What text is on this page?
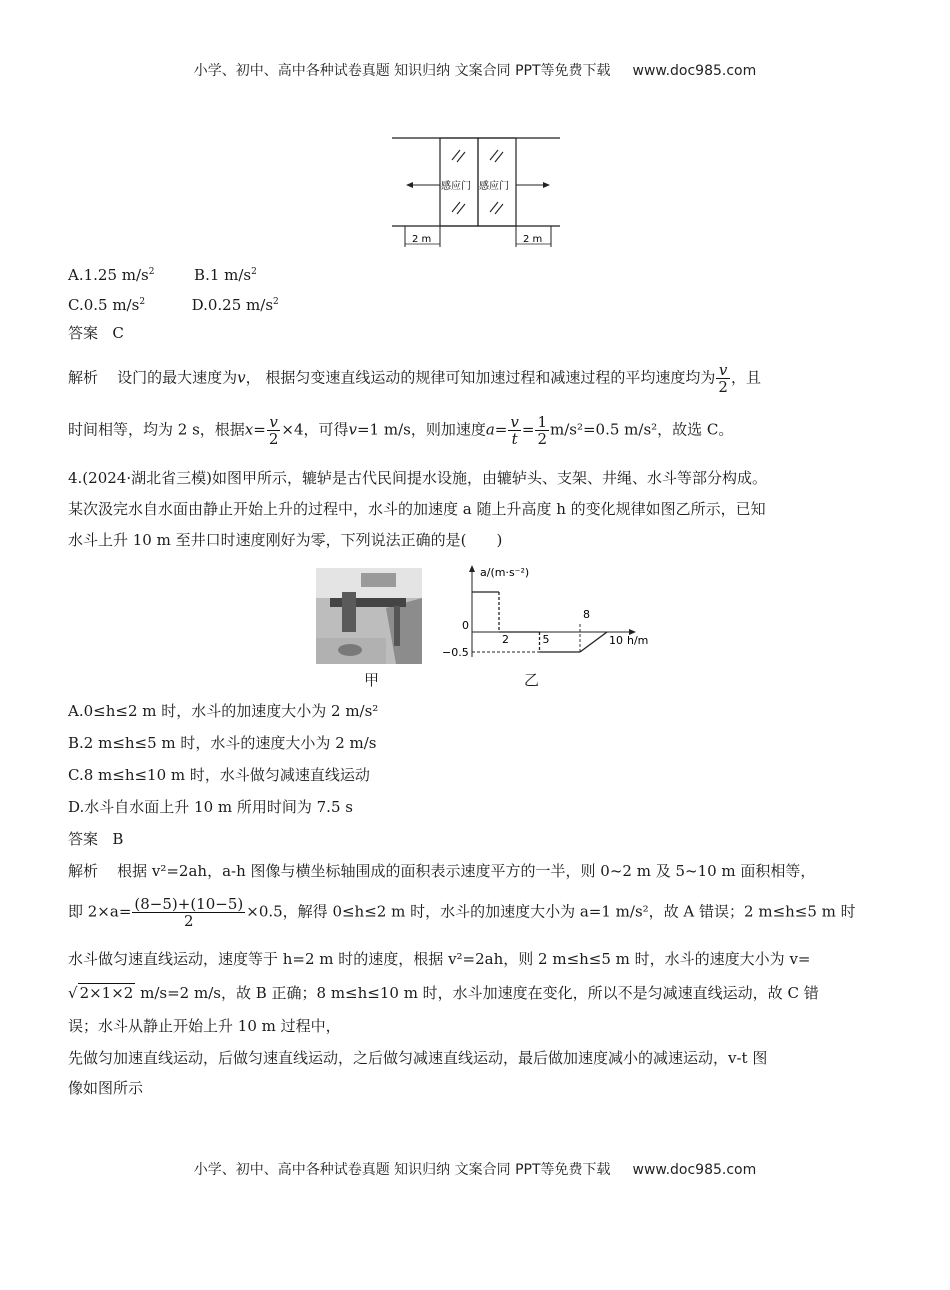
小学、初中、高中各种试卷真题 知识归纳 文案合同 PPT等免费下载 www.doc985.com
感应门 感应门
2 m	2 m
A.1.25 $m/s^2$	B.1 $m/s^2$
C.0.5 $m/s^2$	D.0.25 $m/s^2$
答案 C
解析 设门的最大速度为v， 根据匀变速直线运动的规律可知加速过程和减速过程的平均速度均为 $\frac{v}{2}$ ，且
时间相等，均为 2 s，根据$x= \frac{v}{2} \times 4$，可得v=1 m/s，则加速度$a= \frac{v}{t} = \frac{1}{2} m/s^2=0.5$ m/s²，故选 C。
4.(2024·湖北省三模)如图甲所示，辘轳是古代民间提水设施，由辘轳头、支架、井绳、水斗等部分构成。
某次汲完水自水面由静止开始上升的过程中，水斗的加速度 a 随上升高度 h 的变化规律如图乙所示，已知
水斗上升 10 m 至井口时速度刚好为零，下列说法正确的是(　　)
甲
a/(m·s⁻²)
h/m
0
2	5
8
10
−0.5
乙
A.0≤h≤2 m 时，水斗的加速度大小为 2 m/s²
B.2 m≤h≤5 m 时，水斗的速度大小为 2 m/s
C.8 m≤h≤10 m 时，水斗做匀减速直线运动
D.水斗自水面上升 10 m 所用时间为 7.5 s
答案 B
解析 根据 v²=2ah，a-h 图像与横坐标轴围成的面积表示速度平方的一半，则 0~2 m 及 5~10 m 面积相等，
即 $2\times a= \frac{(8-5)+(10-5)}{2} \times 0.5$，解得 0≤h≤2 m 时，水斗的加速度大小为 a=1 m/s²，故 A 错误；2 m≤h≤5 m 时
水斗做匀速直线运动，速度等于 h=2 m 时的速度，根据 v²=2ah，则 2 m≤h≤5 m 时，水斗的速度大小为 v=
√ 2×1×2 m/s=2 m/s，故 B 正确；8 m≤h≤10 m 时，水斗加速度在变化，所以不是匀减速直线运动，故 C 错
误；水斗从静止开始上升 10 m 过程中，
先做匀加速直线运动，后做匀速直线运动，之后做匀减速直线运动，最后做加速度减小的减速运动，v-t 图
像如图所示
小学、初中、高中各种试卷真题 知识归纳 文案合同 PPT等免费下载 www.doc985.com
